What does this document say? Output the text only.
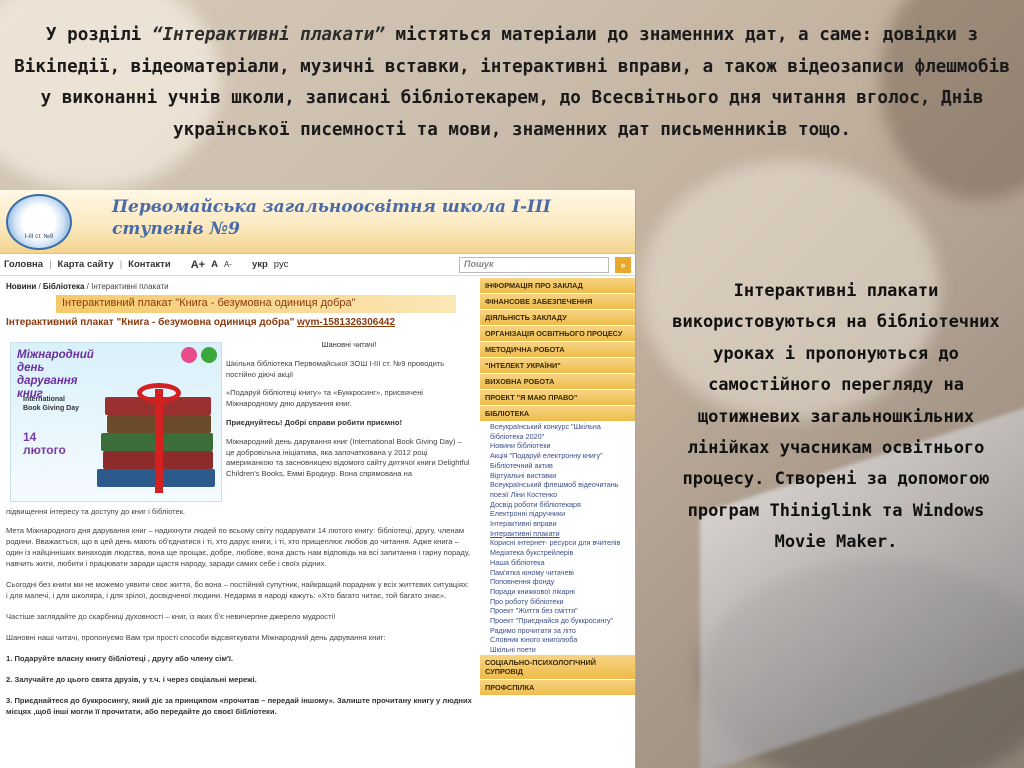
У розділі “Інтерактивні плакати” містяться матеріали до знаменних дат, а саме: довідки з Вікіпедії, відеоматеріали, музичні вставки, інтерактивні вправи, а також відеозаписи флешмобів у виконанні учнів школи, записані бібліотекарем, до Всесвітнього дня читання вголос, Днів української писемності та мови, знаменних дат письменників тощо.
І-ІІІ ст. №9
Первомайська загальноосвітня школа І-ІІІ ступенів №9
Головна | Карта сайту | Контакти A+ A A- укр рус	Пошук	»
Новини / Бібліотека / Інтерактивні плакати
Інтерактивний плакат "Книга - безумовна одиниця добра"
Інтерактивний плакат "Книга - безумовна одиниця добра" wym-1581326306442
Міжнародний день дарування книг
International Book Giving Day
14 лютого
Шановні читачі!

Шкільна бібліотека Первомайської ЗОШ І-ІІІ ст. №9 проводить постійно діючі акції

«Подаруй бібліотеці книгу» та «Буккросинг», присвячені Міжнародному дню дарування книг.

Приєднуйтесь! Добрі справи робити приємно!

Міжнародний день дарування книг (International Book Giving Day) – це добровільна ініціатива, яка започаткована у 2012 році американкою та засновницею відомого сайту дитячої книги Delightful Children's Books, Еммі Бродкур. Вона спрямована на

підвищення інтересу та доступу до книг і бібліотек.

Мета Міжнародного дня дарування книг – надихнути людей по всьому світу подарувати 14 лютого книгу: бібліотеці, другу, членам родини. Вважається, що в цей день мають об'єднатися і ті, хто дарує книги, і ті, хто прищеплює любов до читання. Адже книга – один із найцінніших винаходів людства, вона ще прощає, добре, любове, вона дасть нам відповідь на всі запитання і гарну пораду, навчить жити, любити і працювати заради щастя народу, заради самих себе і своїх рідних.

Сьогодні без книги ми не можемо уявити своє життя, бо вона – постійний супутник, найкращий порадник у всіх життєвих ситуаціях: і для малечі, і для школяра, і для зрілої, досвідченої людини. Недарма в народі кажуть: «Хто багато читає, той багато знає».

Частіше заглядайте до скарбниці духовності – книг, із яких б'є невичерпне джерело мудрості!

Шановні наші читачі, пропонуємо Вам три прості способи відсвяткувати Міжнародний день дарування книг:

1. Подаруйте власну книгу бібліотеці , другу або члену сім'ї.

2. Залучайте до цього свята друзів, у т.ч. і через соціальні мережі.

3. Приєднайтеся до буккросингу, який діє за принципом «прочитав – передай іншому». Залиште прочитану книгу у людних місцях ,щоб інші могли її прочитати, або передайте до своєї бібліотеки.

ІНФОРМАЦІЯ ПРО ЗАКЛАД
ФІНАНСОВЕ ЗАБЕЗПЕЧЕННЯ
ДІЯЛЬНІСТЬ ЗАКЛАДУ
ОРГАНІЗАЦІЯ ОСВІТНЬОГО ПРОЦЕСУ
МЕТОДИЧНА РОБОТА
"ІНТЕЛЕКТ УКРАЇНИ"
ВИХОВНА РОБОТА
ПРОЕКТ "Я МАЮ ПРАВО"
БІБЛІОТЕКА
Всеукраїнський конкурс "Шкільна бібліотека 2020"
Новини бібліотеки
Акція "Подаруй електронну книгу"
Бібліотечний актив
Віртуальні виставки
Всеукраїнський флешмоб відеочитань поезії Ліни Костенко
Досвід роботи бібліотекаря
Електронні підручники
Інтерактивні вправи
Інтерактивні плакати
Корисні інтернет- ресурси для вчителів
Медіатека букстрейлерів
Наша бібліотека
Пам'ятка юному читачеві
Поповнення фонду
Поради книжкової лікарні
Про роботу бібліотеки
Проект "Життя без сміття"
Проект "Приєднайся до буккросингу"
Радимо прочитати за літо
Словник юного книголюба
Шкільні поети
СОЦІАЛЬНО-ПСИХОЛОГІЧНИЙ СУПРОВІД
ПРОФСПІЛКА
Інтерактивні плакати використовуються на бібліотечних уроках і пропонуються до самостійного перегляду на щотижневих загальношкільних лінійках учасникам освітнього процесу. Створені за допомогою програм Thiniglink та Windows Movie Maker.
